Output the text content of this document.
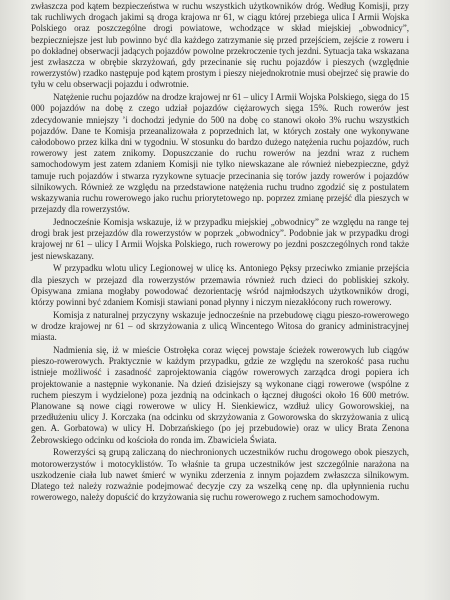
zwłaszcza pod kątem bezpieczeństwa w ruchu wszystkich użytkowników dróg. Według Komisji, przy tak ruchliwych drogach jakimi są droga krajowa nr 61, w ciągu której przebiega ulica I Armii Wojska Polskiego oraz poszczególne drogi powiatowe, wchodzące w skład miejskiej „obwodnicy”, bezpieczniejsze jest lub powinno być dla każdego zatrzymanie się przed przejściem, zejście z roweru i po dokładnej obserwacji jadących pojazdów powolne przekroczenie tych jezdni. Sytuacja taka wskazana jest zwłaszcza w obrębie skrzyżowań, gdy przecinanie się ruchu pojazdów i pieszych (względnie rowerzystów) rzadko następuje pod kątem prostym i pieszy niejednokrotnie musi obejrzeć się prawie do tyłu w celu obserwacji pojazdu i odwrotnie.

Natężenie ruchu pojazdów na drodze krajowej nr 61 – ulicy I Armii Wojska Polskiego, sięga do 15 000 pojazdów na dobę z czego udział pojazdów ciężarowych sięga 15%. Ruch rowerów jest zdecydowanie mniejszy ’i dochodzi jedynie do 500 na dobę co stanowi około 3% ruchu wszystkich pojazdów. Dane te Komisja przeanalizowała z poprzednich lat, w których zostały one wykonywane całodobowo przez kilka dni w tygodniu. W stosunku do bardzo dużego natężenia ruchu pojazdów, ruch rowerowy jest zatem znikomy. Dopuszczanie do ruchu rowerów na jezdni wraz z ruchem samochodowym jest zatem zdaniem Komisji nie tylko niewskazane ale również niebezpieczne, gdyż tamuje ruch pojazdów i stwarza ryzykowne sytuacje przecinania się torów jazdy rowerów i pojazdów silnikowych. Również ze względu na przedstawione natężenia ruchu trudno zgodzić się z postulatem wskazywania ruchu rowerowego jako ruchu priorytetowego np. poprzez zmianę przejść dla pieszych w przejazdy dla rowerzystów.

Jednocześnie Komisja wskazuje, iż w przypadku miejskiej „obwodnicy” ze względu na range tej drogi brak jest przejazdów dla rowerzystów w poprzek „obwodnicy”. Podobnie jak w przypadku drogi krajowej nr 61 – ulicy I Armii Wojska Polskiego, ruch rowerowy po jezdni poszczególnych rond także jest niewskazany.

W przypadku wlotu ulicy Legionowej w ulicę ks. Antoniego Pęksy przeciwko zmianie przejścia dla pieszych w przejazd dla rowerzystów przemawia również ruch dzieci do pobliskiej szkoły. Opisywana zmiana mogłaby powodować dezorientację wśród najmłodszych użytkowników drogi, którzy powinni być zdaniem Komisji stawiani ponad płynny i niczym niezakłócony ruch rowerowy.

Komisja z naturalnej przyczyny wskazuje jednocześnie na przebudowę ciągu pieszo-rowerowego w drodze krajowej nr 61 – od skrzyżowania z ulicą Wincentego Witosa do granicy administracyjnej miasta.

Nadmienia się, iż w mieście Ostrołęka coraz więcej powstaje ścieżek rowerowych lub ciągów pieszo-rowerowych. Praktycznie w każdym przypadku, gdzie ze względu na szerokość pasa ruchu istnieje możliwość i zasadność zaprojektowania ciągów rowerowych zarządca drogi popiera ich projektowanie a następnie wykonanie. Na dzień dzisiejszy są wykonane ciągi rowerowe (wspólne z ruchem pieszym i wydzielone) poza jezdnią na odcinkach o łącznej długości około 16 600 metrów. Planowane są nowe ciągi rowerowe w ulicy H. Sienkiewicz, wzdłuż ulicy Goworowskiej, na przedłużeniu ulicy J. Korczaka (na odcinku od skrzyżowania z Goworowska do skrzyżowania z ulicą gen. A. Gorbatowa) w ulicy H. Dobrzańskiego (po jej przebudowie) oraz w ulicy Brata Zenona Żebrowskiego odcinku od kościoła do ronda im. Zbawiciela Świata.

Rowerzyści są grupą zaliczaną do niechronionych uczestników ruchu drogowego obok pieszych, motorowerzystów i motocyklistów. To właśnie ta grupa uczestników jest szczególnie narażona na uszkodzenie ciała lub nawet śmierć w wyniku zderzenia z innym pojazdem zwłaszcza silnikowym. Dlatego też należy rozważnie podejmować decyzje czy za wszelką cenę np. dla upłynnienia ruchu rowerowego, należy dopuścić do krzyżowania się ruchu rowerowego z ruchem samochodowym.
